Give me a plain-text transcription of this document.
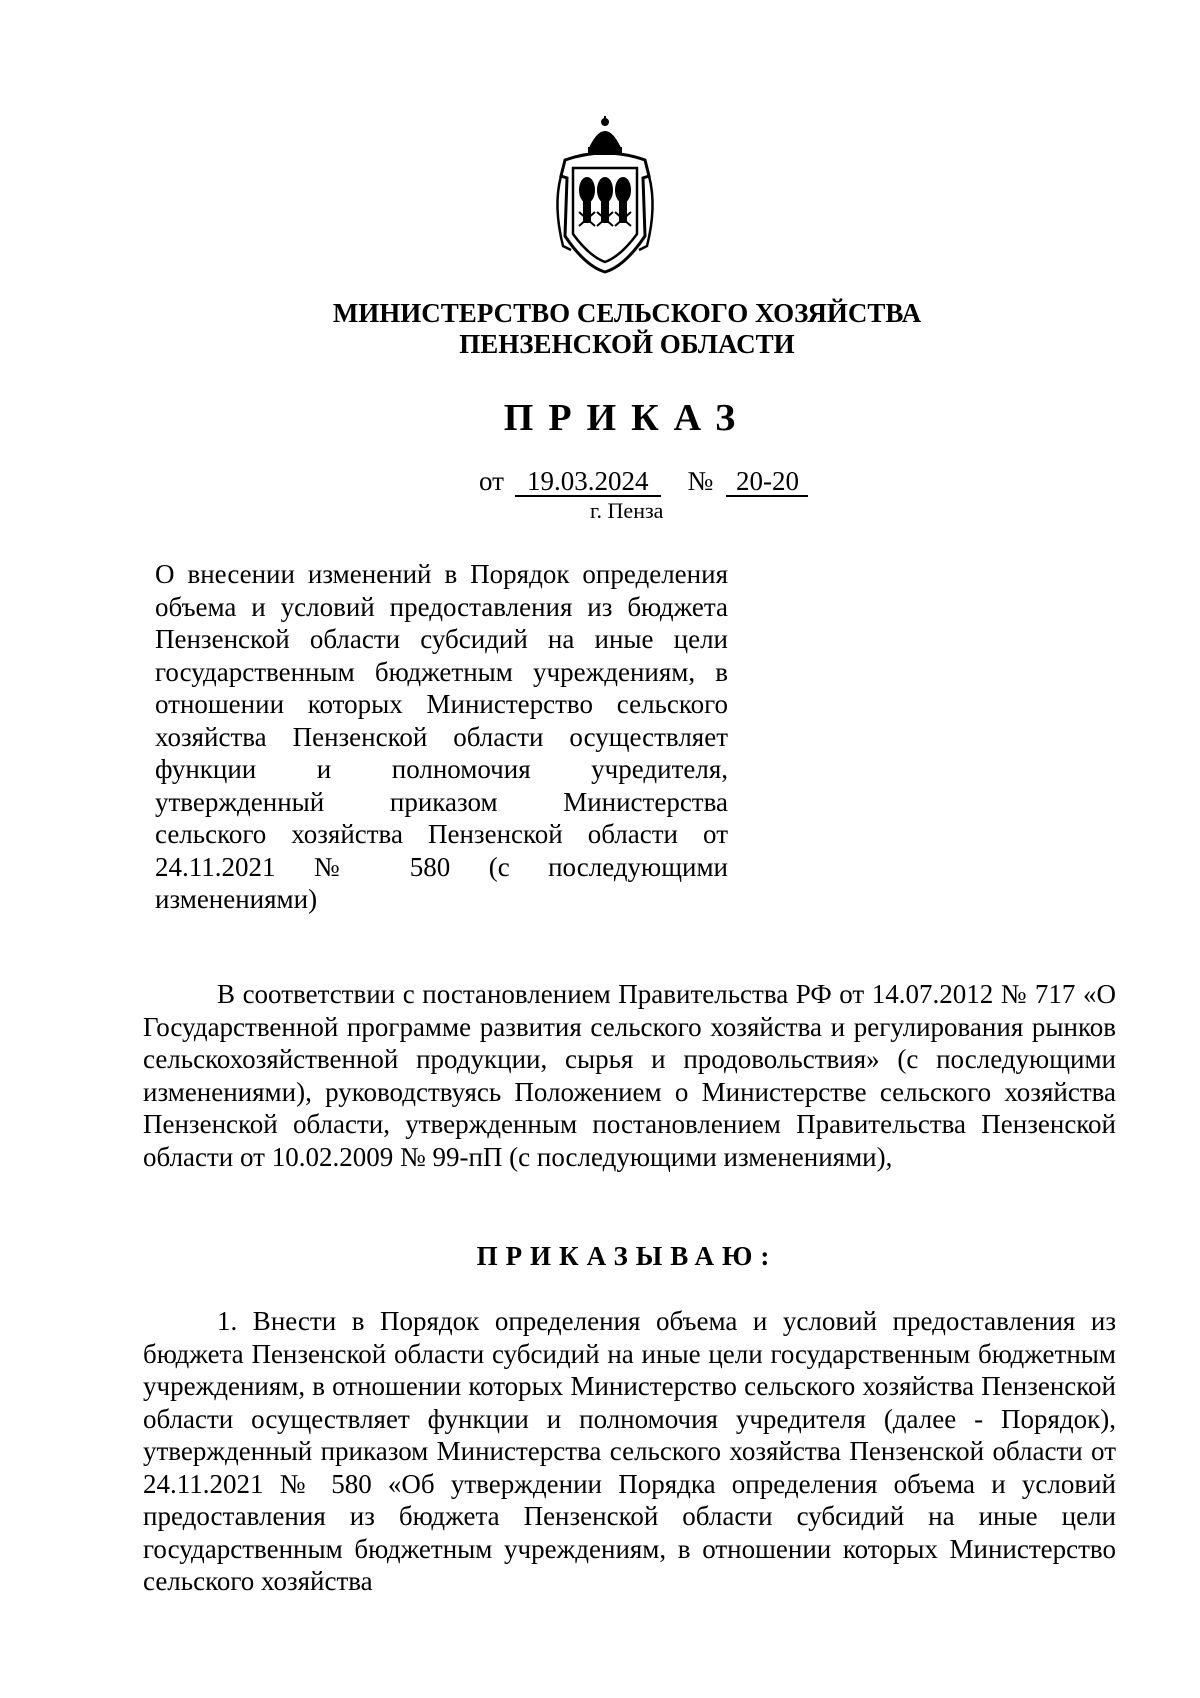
МИНИСТЕРСТВО СЕЛЬСКОГО ХОЗЯЙСТВА
ПЕНЗЕНСКОЙ ОБЛАСТИ
ПРИКАЗ
от 19.03.2024 № 20-20
г. Пенза
О внесении изменений в Порядок определения объема и условий предоставления из бюджета Пензенской области субсидий на иные цели государственным бюджетным учреждениям, в отношении которых Министерство сельского хозяйства Пензенской области осуществляет функции и полномочия учредителя, утвержденный приказом Министерства сельского хозяйства Пензенской области от 24.11.2021 № 580 (с последующими изменениями)
В соответствии с постановлением Правительства РФ от 14.07.2012 № 717 «О Государственной программе развития сельского хозяйства и регулирования рынков сельскохозяйственной продукции, сырья и продовольствия» (с последующими изменениями), руководствуясь Положением о Министерстве сельского хозяйства Пензенской области, утвержденным постановлением Правительства Пензенской области от 10.02.2009 № 99-пП (с последующими изменениями),
ПРИКАЗЫВАЮ:
1. Внести в Порядок определения объема и условий предоставления из бюджета Пензенской области субсидий на иные цели государственным бюджетным учреждениям, в отношении которых Министерство сельского хозяйства Пензенской области осуществляет функции и полномочия учредителя (далее - Порядок), утвержденный приказом Министерства сельского хозяйства Пензенской области от 24.11.2021 № 580 «Об утверждении Порядка определения объема и условий предоставления из бюджета Пензенской области субсидий на иные цели государственным бюджетным учреждениям, в отношении которых Министерство сельского хозяйства
